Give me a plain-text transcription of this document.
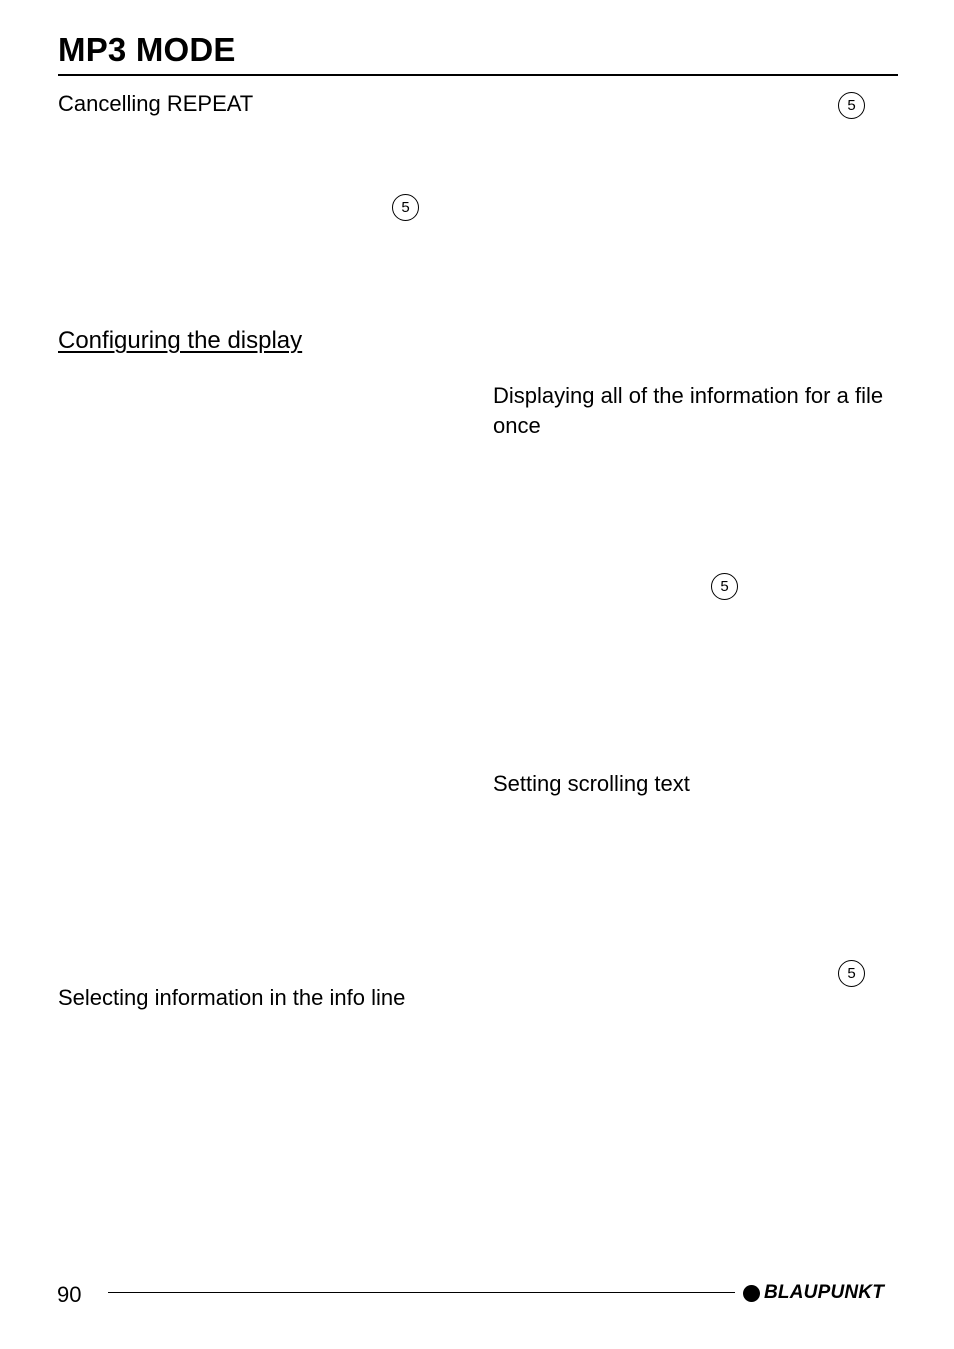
MP3 MODE
Cancelling REPEAT	5
5
Configuring the display
Displaying all of the information for a file once
5
Setting scrolling text
5
Selecting information in the info line
90	BLAUPUNKT
